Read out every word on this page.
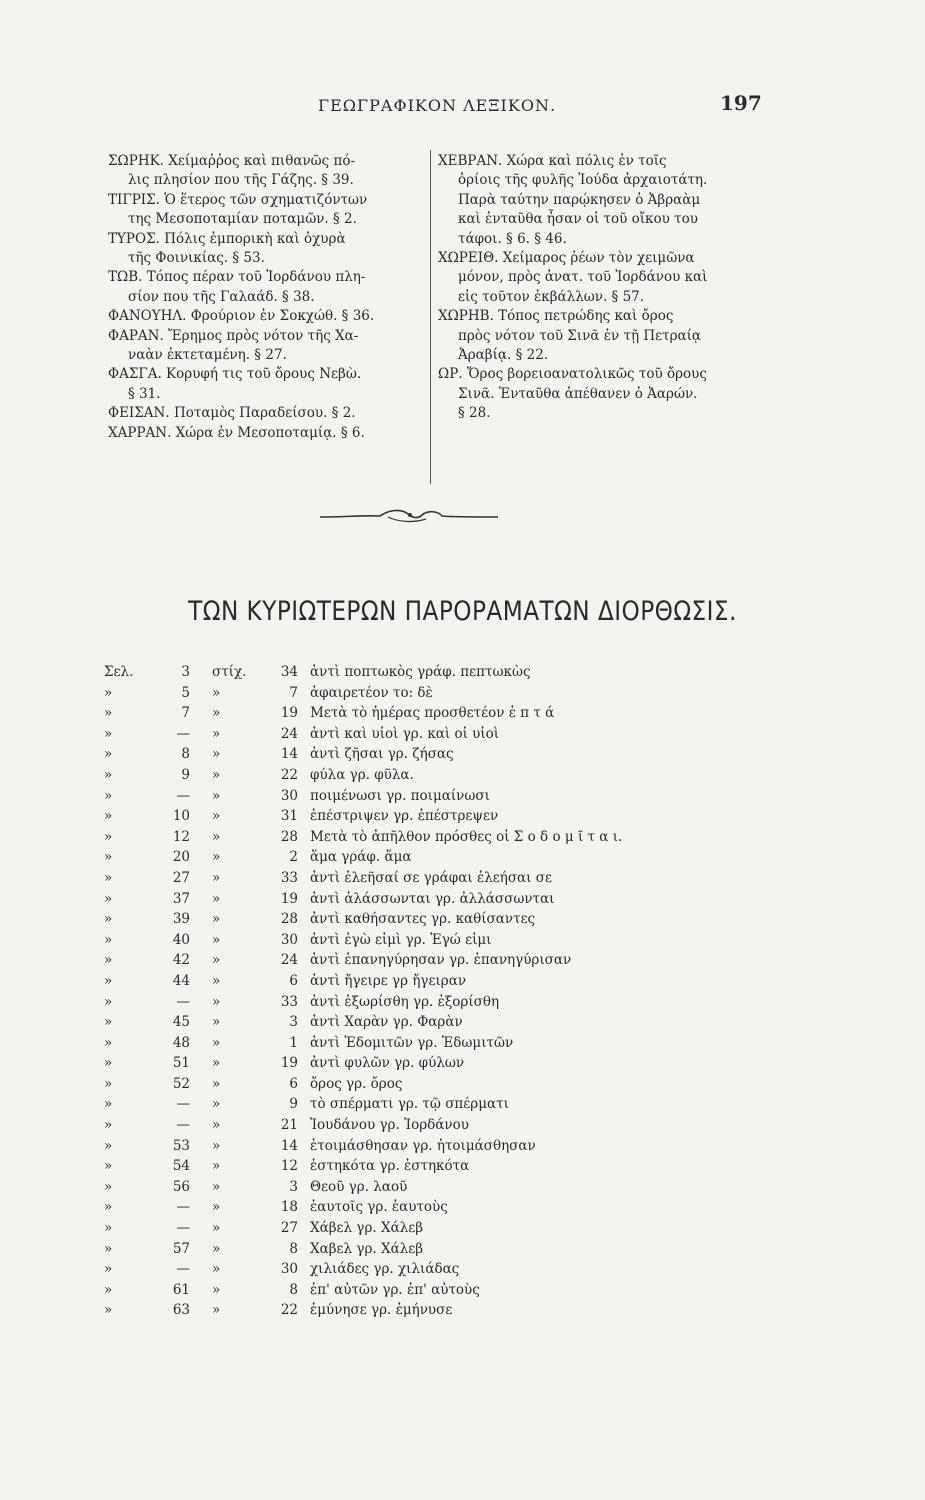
ΓΕΩΓΡΑΦΙΚΟΝ ΛΕΞΙΚΟΝ.	197
ΣΩΡΗΚ. Χείμαῤῥος καὶ πιθανῶς πό-
λις πλησίον που τῆς Γάζης. § 39.
ΤΙΓΡΙΣ. Ὁ ἕτερος τῶν σχηματιζόντων
της Μεσοποταμίαν ποταμῶν. § 2.
ΤΥΡΟΣ. Πόλις ἐμπορικὴ καὶ ὀχυρὰ
τῆς Φοινικίας. § 53.
ΤΩΒ. Τόπος πέραν τοῦ Ἰορδάνου πλη-
σίον που τῆς Γαλαάδ. § 38.
ΦΑΝΟΥΗΛ. Φρούριον ἐν Σοκχώθ. § 36.
ΦΑΡΑΝ. Ἔρημος πρὸς νότον τῆς Χα-
ναὰν ἐκτεταμένη. § 27.
ΦΑΣΓΑ. Κορυφή τις τοῦ ὄρους Νεβὼ.
§ 31.
ΦΕΙΣΑΝ. Ποταμὸς Παραδείσου. § 2.
ΧΑΡΡΑΝ. Χώρα ἐν Μεσοποταμίᾳ. § 6.
ΧΕΒΡΑΝ. Χώρα καὶ πόλις ἐν τοῖς
ὁρίοις τῆς φυλῆς Ἰούδα ἀρχαιοτάτη.
Παρὰ ταύτην παρῴκησεν ὁ Ἀβραὰμ
καὶ ἐνταῦθα ἦσαν οἱ τοῦ οἴκου του
τάφοι. § 6. § 46.
ΧΩΡΕΙΘ. Χείμαρος ῥέων τὸν χειμῶνα
μόνον, πρὸς ἀνατ. τοῦ Ἰορδάνου καὶ
εἰς τοῦτον ἐκβάλλων. § 57.
ΧΩΡΗΒ. Τόπος πετρώδης καὶ ὄρος
πρὸς νότον τοῦ Σινᾶ ἐν τῇ Πετραίᾳ
Ἀραβίᾳ. § 22.
ΩΡ. Ὄρος βορειοανατολικῶς τοῦ ὄρους
Σινᾶ. Ἐνταῦθα ἀπέθανεν ὁ Ἀαρών.
§ 28.
ΤΩΝ ΚΥΡΙΩΤΕΡΩΝ ΠΑΡΟΡΑΜΑΤΩΝ ΔΙΟΡΘΩΣΙΣ.
Σελ.	3 στίχ.	34 ἀντὶ ποπτωκὸς γράφ. πεπτωκὼς
»	5 »	7 ἀφαιρετέον το: δὲ
»	7 »	19 Μετὰ τὸ ἡμέρας προσθετέον ἑ π τ ά
»	— »	24 ἀντὶ καὶ υἱοὶ γρ. καὶ οἱ υἱοὶ
»	8 »	14 ἀντὶ ζῆσαι γρ. ζήσας
»	9 »	22 φύλα γρ. φῦλα.
»	— »	30 ποιμένωσι γρ. ποιμαίνωσι
»	10 »	31 ἐπέστριψεν γρ. ἐπέστρεψεν
»	12 »	28 Μετὰ τὸ ἀπῆλθον πρόσθες οἱ Σ ο δ ο μ ῖ τ α ι.
»	20 »	2 ἅμα γράφ. ἅμα
»	27 »	33 ἀντὶ ἐλεῆσαί σε γράφαι ἐλεήσαι σε
»	37 »	19 ἀντὶ ἀλάσσωνται γρ. ἀλλάσσωνται
»	39 »	28 ἀντὶ καθήσαντες γρ. καθίσαντες
»	40 »	30 ἀντὶ ἐγὼ εἰμὶ γρ. Ἐγώ εἰμι
»	42 »	24 ἀντὶ ἐπανηγύρησαν γρ. ἐπανηγύρισαν
»	44 »	6 ἀντὶ ἤγειρε γρ ἤγειραν
»	— »	33 ἀντὶ ἐξωρίσθη γρ. ἐξορίσθη
»	45 »	3 ἀντὶ Χαρὰν γρ. Φαρὰν
»	48 »	1 ἀντὶ Ἐδομιτῶν γρ. Ἐδωμιτῶν
»	51 »	19 ἀντὶ φυλῶν γρ. φύλων
»	52 »	6 ὄρος γρ. ὄρος
»	— »	9 τὸ σπέρματι γρ. τῷ σπέρματι
»	— »	21 Ἰουδάνου γρ. Ἰορδάνου
»	53 »	14 ἑτοιμάσθησαν γρ. ἡτοιμάσθησαν
»	54 »	12 ἑστηκότα γρ. ἑστηκότα
»	56 »	3 Θεοῦ γρ. λαοῦ
»	— »	18 ἑαυτοῖς γρ. ἑαυτοὺς
»	— »	27 Χάβελ γρ. Χάλεβ
»	57 »	8 Χαβελ γρ. Χάλεβ
»	— »	30 χιλιάδες γρ. χιλιάδας
»	61 »	8 ἐπ' αὐτῶν γρ. ἐπ' αὐτοὺς
»	63 »	22 ἐμύνησε γρ. ἐμήνυσε
